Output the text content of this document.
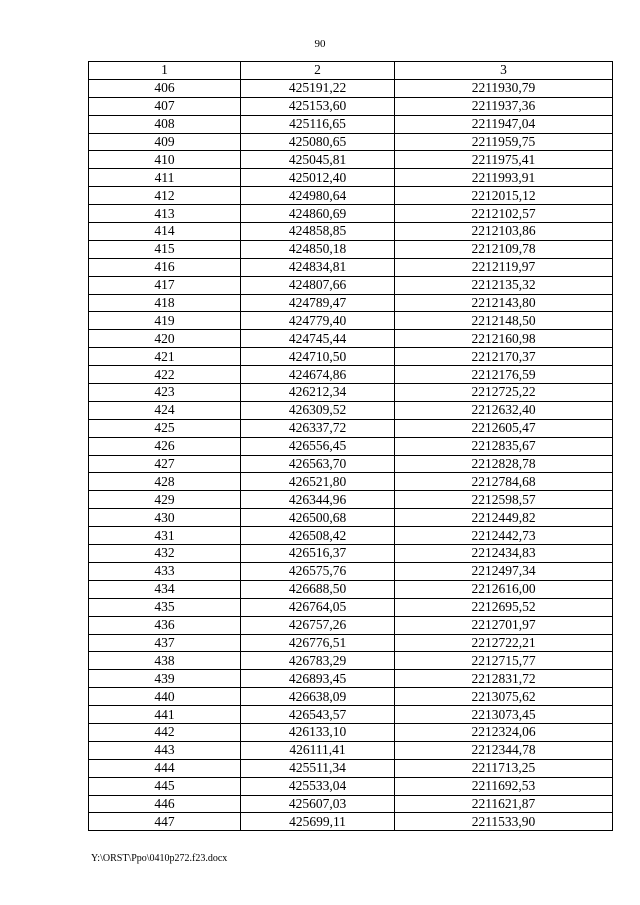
90
1	2	3
406	425191,22	2211930,79
407	425153,60	2211937,36
408	425116,65	2211947,04
409	425080,65	2211959,75
410	425045,81	2211975,41
411	425012,40	2211993,91
412	424980,64	2212015,12
413	424860,69	2212102,57
414	424858,85	2212103,86
415	424850,18	2212109,78
416	424834,81	2212119,97
417	424807,66	2212135,32
418	424789,47	2212143,80
419	424779,40	2212148,50
420	424745,44	2212160,98
421	424710,50	2212170,37
422	424674,86	2212176,59
423	426212,34	2212725,22
424	426309,52	2212632,40
425	426337,72	2212605,47
426	426556,45	2212835,67
427	426563,70	2212828,78
428	426521,80	2212784,68
429	426344,96	2212598,57
430	426500,68	2212449,82
431	426508,42	2212442,73
432	426516,37	2212434,83
433	426575,76	2212497,34
434	426688,50	2212616,00
435	426764,05	2212695,52
436	426757,26	2212701,97
437	426776,51	2212722,21
438	426783,29	2212715,77
439	426893,45	2212831,72
440	426638,09	2213075,62
441	426543,57	2213073,45
442	426133,10	2212324,06
443	426111,41	2212344,78
444	425511,34	2211713,25
445	425533,04	2211692,53
446	425607,03	2211621,87
447	425699,11	2211533,90
Y:\ORST\Ppo\0410p272.f23.docx
